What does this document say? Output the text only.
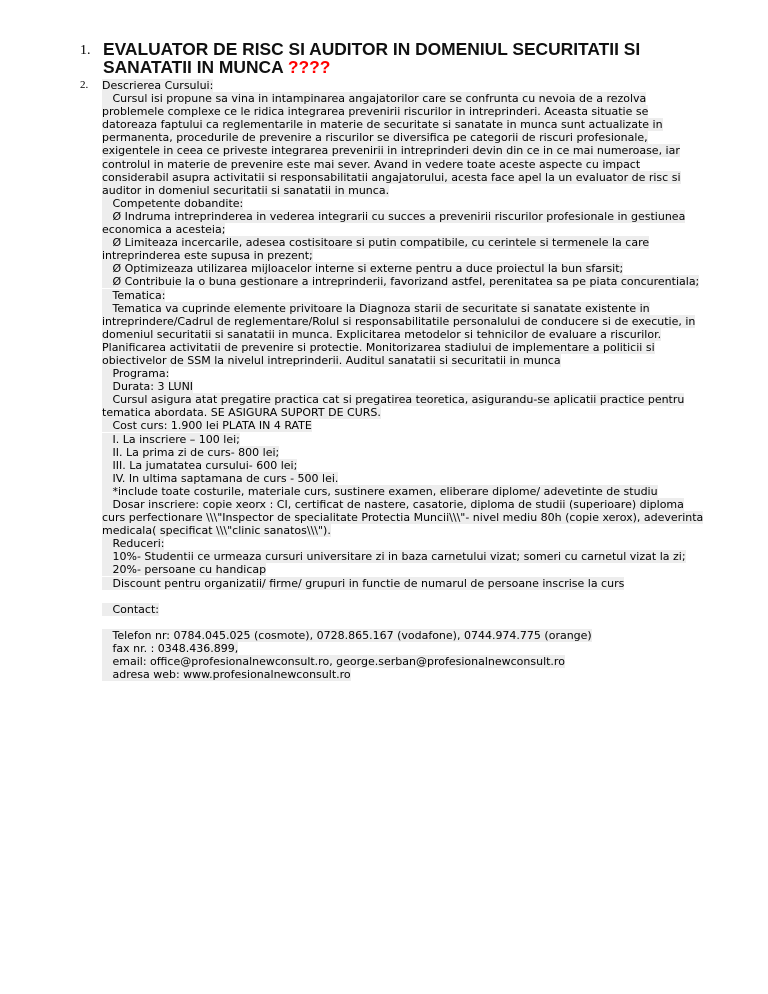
1. EVALUATOR DE RISC SI AUDITOR IN DOMENIUL SECURITATII SI
SANATATII IN MUNCA ????
2. Descrierea Cursului:
Cursul isi propune sa vina in intampinarea angajatorilor care se confrunta cu nevoia de a rezolva
problemele complexe ce le ridica integrarea prevenirii riscurilor in intreprinderi. Aceasta situatie se
datoreaza faptului ca reglementarile in materie de securitate si sanatate in munca sunt actualizate in
permanenta, procedurile de prevenire a riscurilor se diversifica pe categorii de riscuri profesionale,
exigentele in ceea ce priveste integrarea prevenirii in intreprinderi devin din ce in ce mai numeroase, iar
controlul in materie de prevenire este mai sever. Avand in vedere toate aceste aspecte cu impact
considerabil asupra activitatii si responsabilitatii angajatorului, acesta face apel la un evaluator de risc si
auditor in domeniul securitatii si sanatatii in munca.
Competente dobandite:
Ø Indruma intreprinderea in vederea integrarii cu succes a prevenirii riscurilor profesionale in gestiunea
economica a acesteia;
Ø Limiteaza incercarile, adesea costisitoare si putin compatibile, cu cerintele si termenele la care
intreprinderea este supusa in prezent;
Ø Optimizeaza utilizarea mijloacelor interne si externe pentru a duce proiectul la bun sfarsit;
Ø Contribuie la o buna gestionare a intreprinderii, favorizand astfel, perenitatea sa pe piata concurentiala;
Tematica:
Tematica va cuprinde elemente privitoare la Diagnoza starii de securitate si sanatate existente in
intreprindere/Cadrul de reglementare/Rolul si responsabilitatile personalului de conducere si de executie, in
domeniul securitatii si sanatatii in munca. Explicitarea metodelor si tehnicilor de evaluare a riscurilor.
Planificarea activitatii de prevenire si protectie. Monitorizarea stadiului de implementare a politicii si
obiectivelor de SSM la nivelul intreprinderii. Auditul sanatatii si securitatii in munca
Programa:
Durata: 3 LUNI
Cursul asigura atat pregatire practica cat si pregatirea teoretica, asigurandu-se aplicatii practice pentru
tematica abordata. SE ASIGURA SUPORT DE CURS.
Cost curs: 1.900 lei PLATA IN 4 RATE
I. La inscriere – 100 lei;
II. La prima zi de curs- 800 lei;
III. La jumatatea cursului- 600 lei;
IV. In ultima saptamana de curs - 500 lei.
*include toate costurile, materiale curs, sustinere examen, eliberare diplome/ adevetinte de studiu
Dosar inscriere: copie xeorx : CI, certificat de nastere, casatorie, diploma de studii (superioare) diploma
curs perfectionare \\\"Inspector de specialitate Protectia Muncii\\\"- nivel mediu 80h (copie xerox), adeverinta
medicala( specificat \\\"clinic sanatos\\\").
Reduceri:
10%- Studentii ce urmeaza cursuri universitare zi in baza carnetului vizat; someri cu carnetul vizat la zi;
20%- persoane cu handicap
Discount pentru organizatii/ firme/ grupuri in functie de numarul de persoane inscrise la curs
Contact:
Telefon nr: 0784.045.025 (cosmote), 0728.865.167 (vodafone), 0744.974.775 (orange)
fax nr. : 0348.436.899,
email: office@profesionalnewconsult.ro, george.serban@profesionalnewconsult.ro
adresa web: www.profesionalnewconsult.ro
